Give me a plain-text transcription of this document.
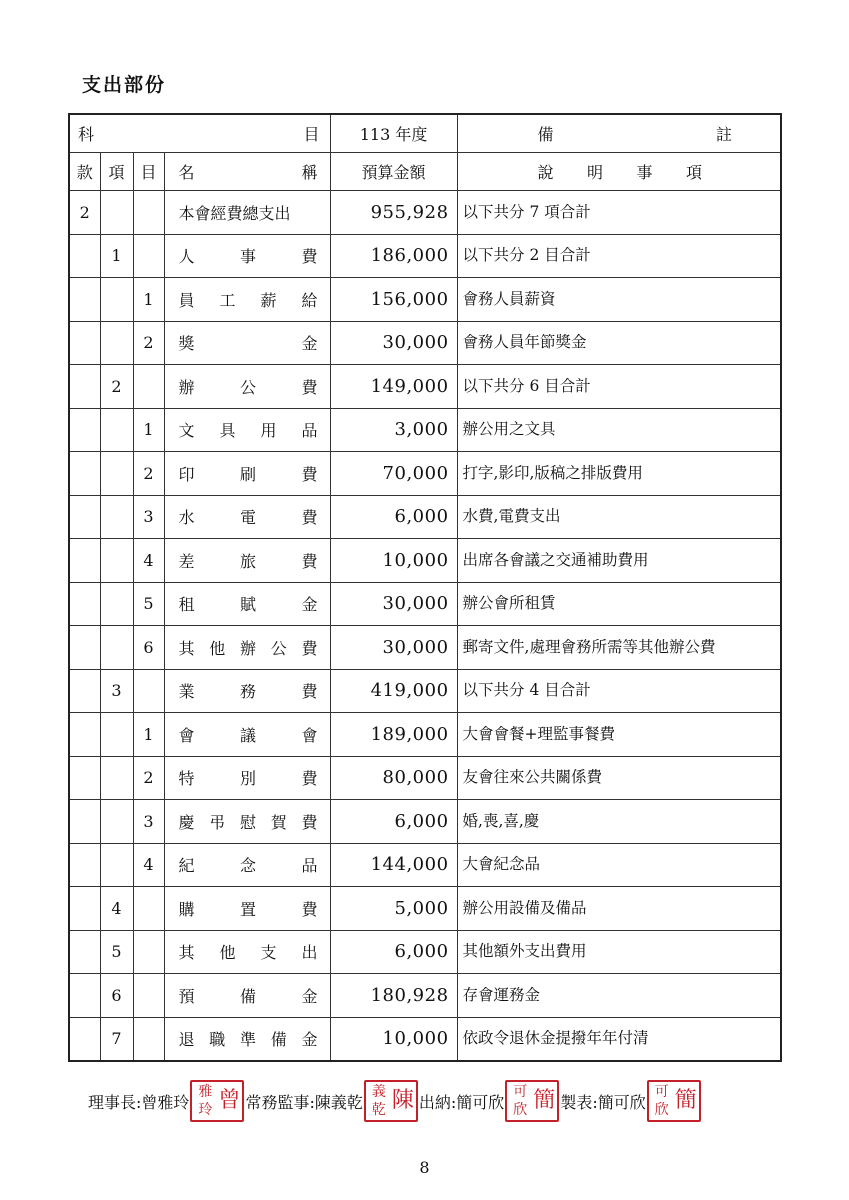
支出部份
科 目				113 年度	備 註

款	項	目	名 稱	預算金額	說 明 事 項

2			本會經費總支出	955,928	以下共分 7 項合計
	1		人 事 費	186,000	以下共分 2 目合計
		1	員 工 薪 給	156,000	會務人員薪資
		2	獎 金	30,000	會務人員年節獎金
	2		辦 公 費	149,000	以下共分 6 目合計
		1	文 具 用 品	3,000	辦公用之文具
		2	印 刷 費	70,000	打字,影印,版稿之排版費用
		3	水 電 費	6,000	水費,電費支出
		4	差 旅 費	10,000	出席各會議之交通補助費用
		5	租 賦 金	30,000	辦公會所租賃
		6	其 他 辦 公 費	30,000	郵寄文件,處理會務所需等其他辦公費
	3		業 務 費	419,000	以下共分 4 目合計
		1	會 議 會	189,000	大會會餐+理監事餐費
		2	特 別 費	80,000	友會往來公共關係費
		3	慶 弔 慰 賀 費	6,000	婚,喪,喜,慶
		4	紀 念 品	144,000	大會紀念品
	4		購 置 費	5,000	辦公用設備及備品
	5		其 他 支 出	6,000	其他額外支出費用
	6		預 備 金	180,928	存會運務金
	7		退 職 準 備 金	10,000	依政令退休金提撥年年付清
理事長:曾雅玲
雅 曾
玲 常務監事:陳義乾
義 陳
乾 出納:簡可欣
可 簡
欣 製表:簡可欣
可 簡
欣
8
